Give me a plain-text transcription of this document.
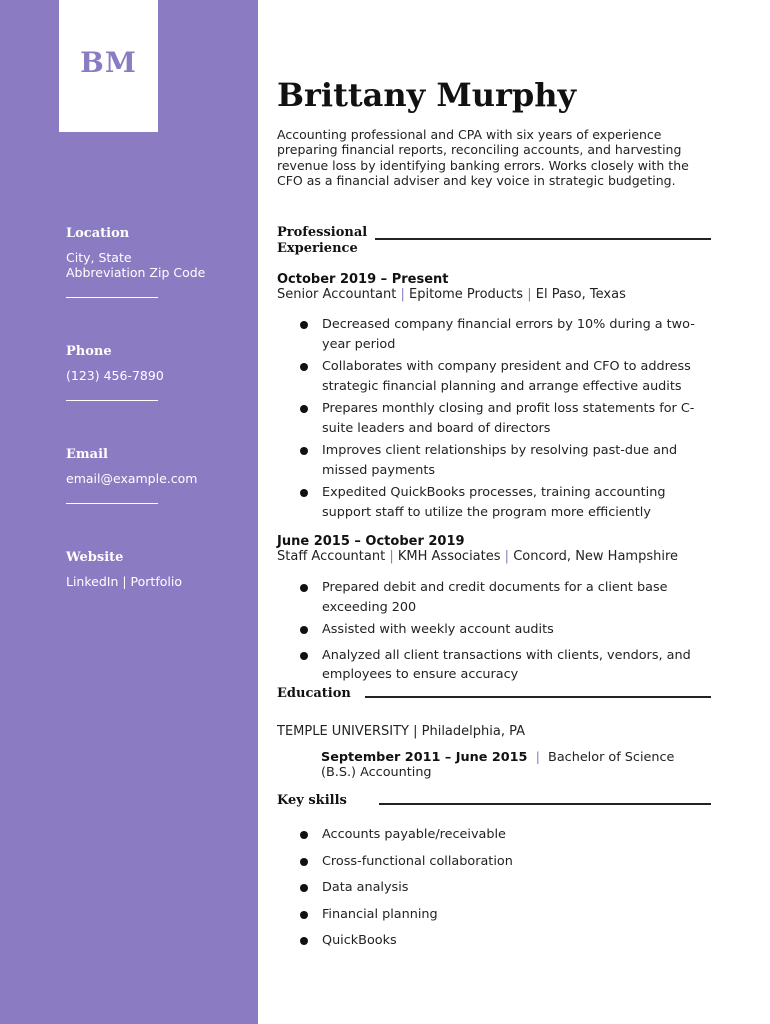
BM

Location

City, State
Abbreviation Zip Code

Phone

(123) 456-7890

Email

email@example.com

Website

LinkedIn | Portfolio
Brittany Murphy
Accounting professional and CPA with six years of experience preparing financial reports, reconciling accounts, and harvesting revenue loss by identifying banking errors. Works closely with the CFO as a financial adviser and key voice in strategic budgeting.
Professional
Experience
October 2019 – Present
Senior Accountant | Epitome Products | El Paso, Texas
Decreased company financial errors by 10% during a two-year period
Collaborates with company president and CFO to address strategic financial planning and arrange effective audits
Prepares monthly closing and profit loss statements for C-suite leaders and board of directors
Improves client relationships by resolving past-due and missed payments
Expedited QuickBooks processes, training accounting support staff to utilize the program more efficiently
June 2015 – October 2019
Staff Accountant | KMH Associates | Concord, New Hampshire
Prepared debit and credit documents for a client base exceeding 200
Assisted with weekly account audits
Analyzed all client transactions with clients, vendors, and employees to ensure accuracy
Education
TEMPLE UNIVERSITY | Philadelphia, PA
September 2011 – June 2015 | Bachelor of Science (B.S.) Accounting
Key skills
Accounts payable/receivable
Cross-functional collaboration
Data analysis
Financial planning
QuickBooks
